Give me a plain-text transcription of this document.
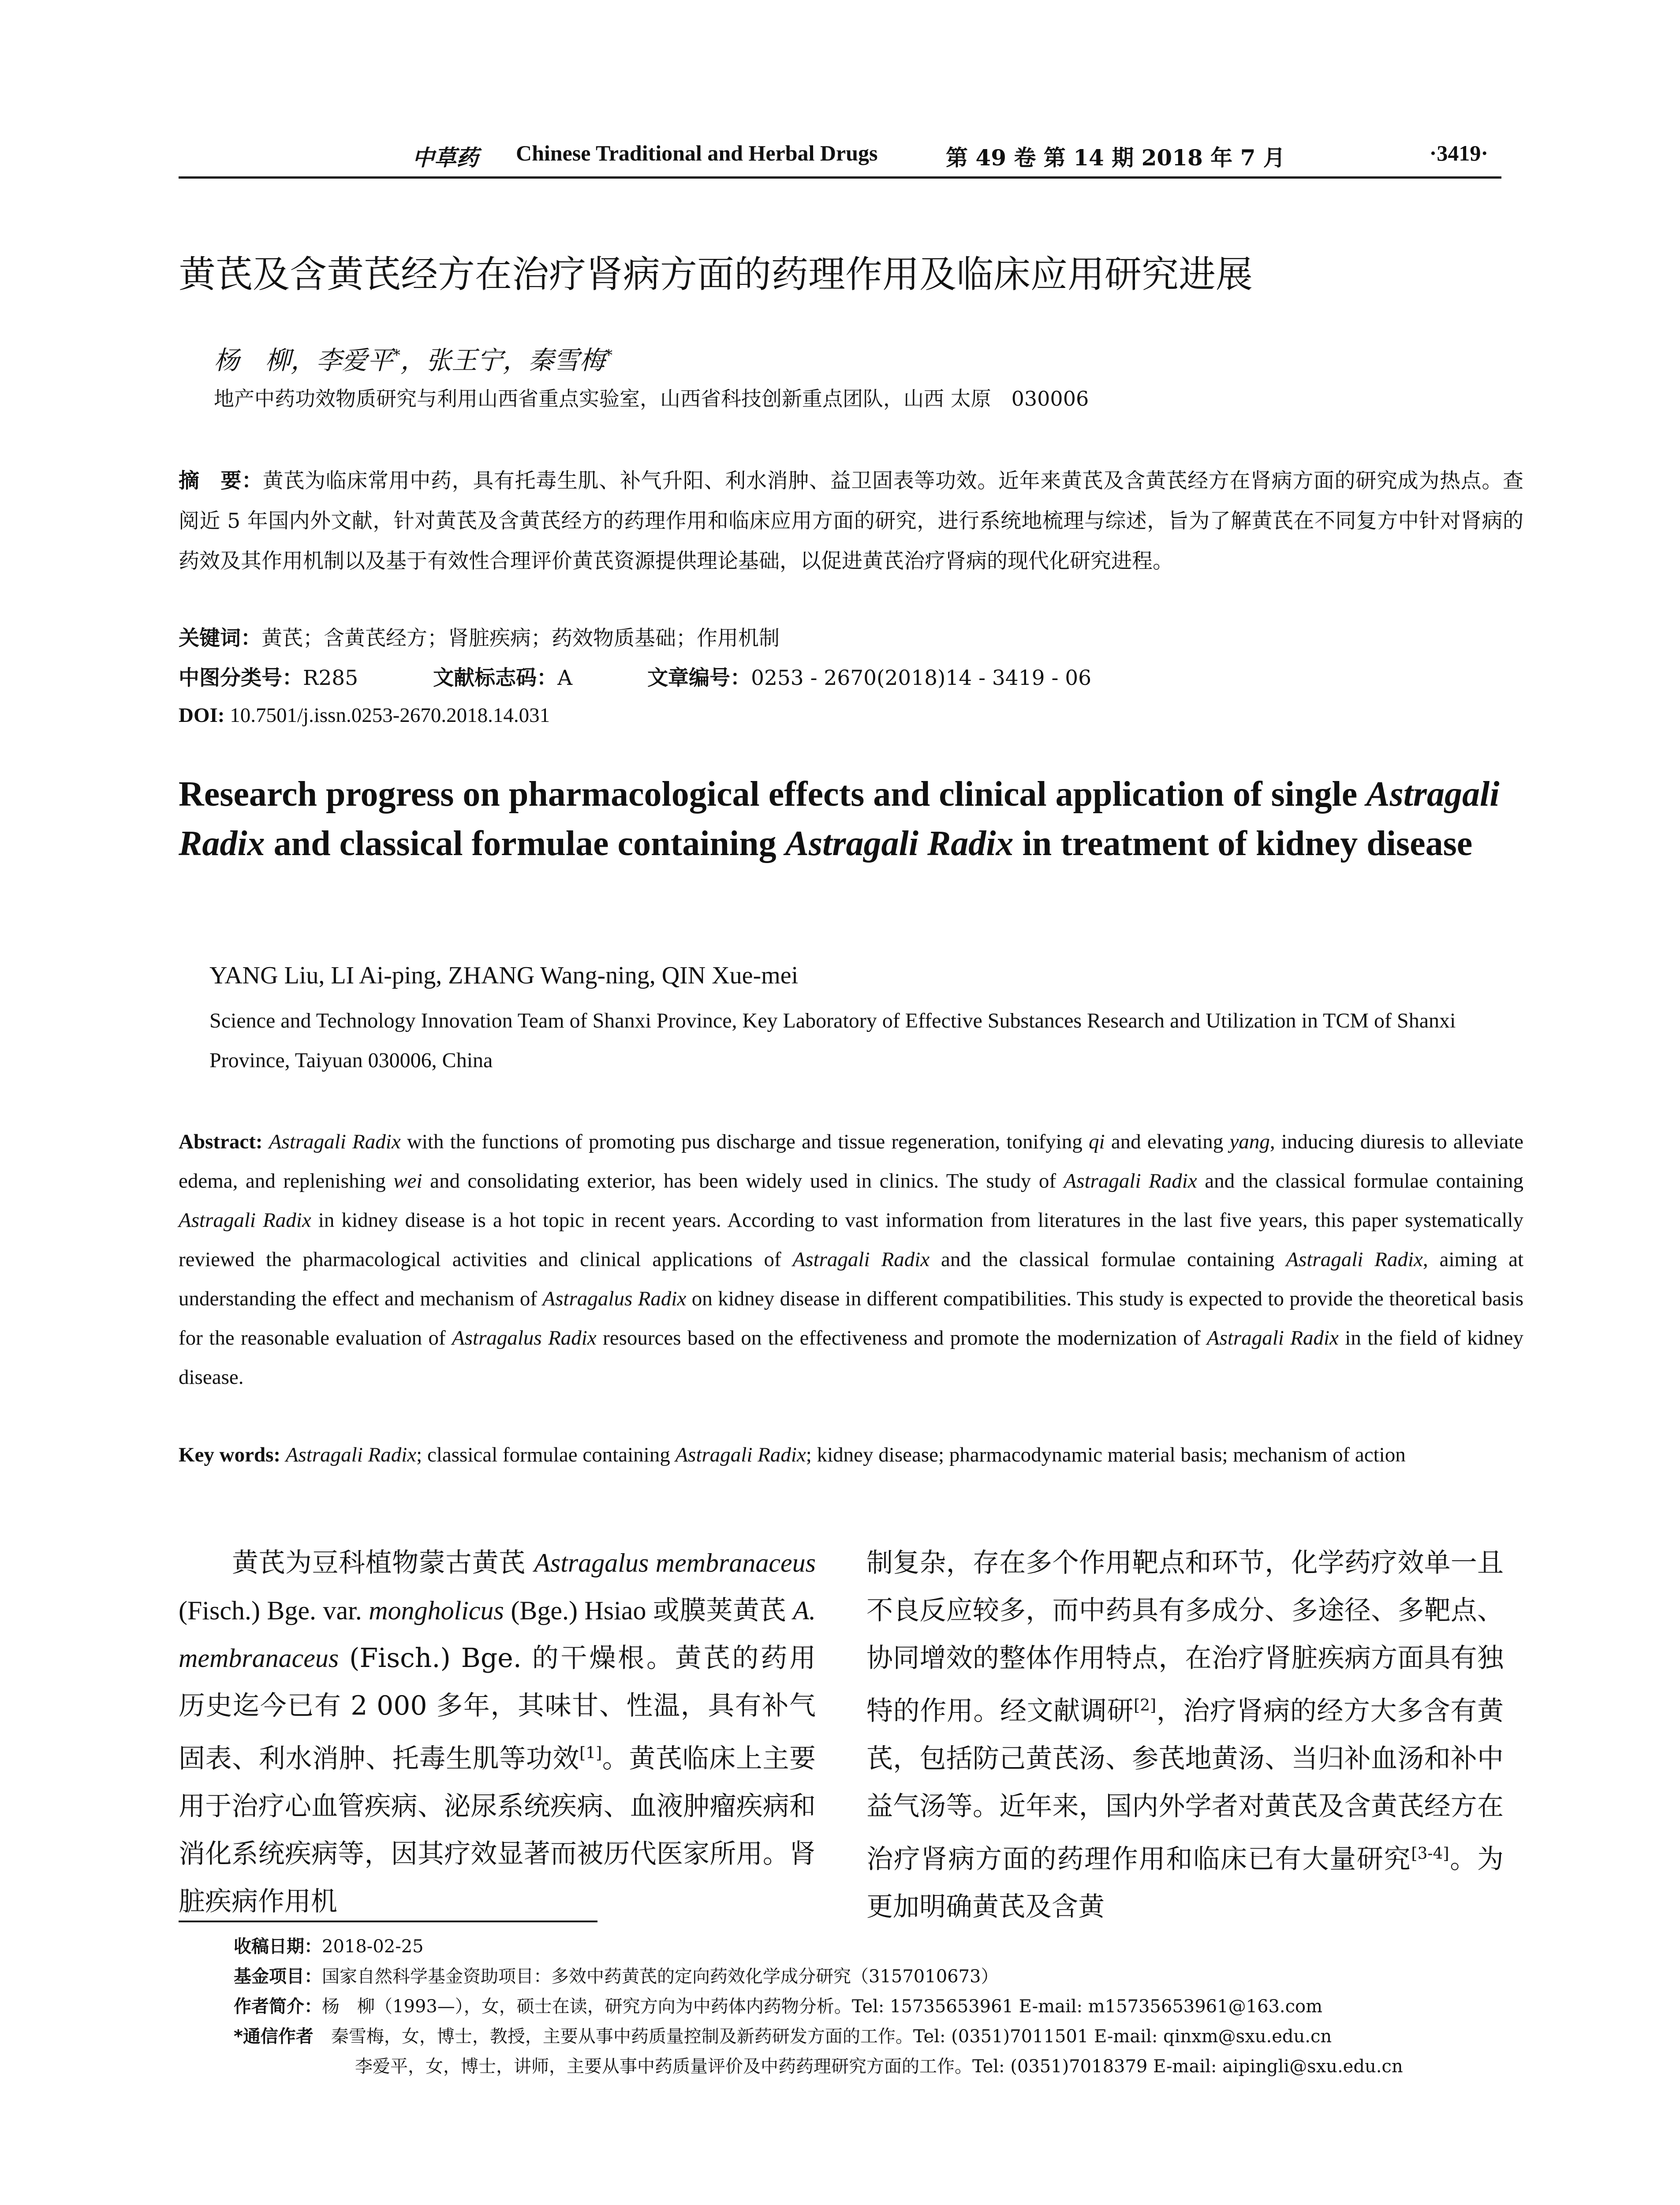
中草药 Chinese Traditional and Herbal Drugs	第 49 卷 第 14 期 2018 年 7 月	·3419·
黄芪及含黄芪经方在治疗肾病方面的药理作用及临床应用研究进展
杨　柳，李爱平*，张王宁，秦雪梅*
地产中药功效物质研究与利用山西省重点实验室，山西省科技创新重点团队，山西 太原　030006
摘　要：黄芪为临床常用中药，具有托毒生肌、补气升阳、利水消肿、益卫固表等功效。近年来黄芪及含黄芪经方在肾病方面的研究成为热点。查阅近 5 年国内外文献，针对黄芪及含黄芪经方的药理作用和临床应用方面的研究，进行系统地梳理与综述，旨为了解黄芪在不同复方中针对肾病的药效及其作用机制以及基于有效性合理评价黄芪资源提供理论基础，以促进黄芪治疗肾病的现代化研究进程。
关键词：黄芪；含黄芪经方；肾脏疾病；药效物质基础；作用机制
中图分类号：R285	文献标志码：A	文章编号：0253 - 2670(2018)14 - 3419 - 06
DOI: 10.7501/j.issn.0253-2670.2018.14.031
Research progress on pharmacological effects and clinical application of single Astragali Radix and classical formulae containing Astragali Radix in treatment of kidney disease
YANG Liu, LI Ai-ping, ZHANG Wang-ning, QIN Xue-mei
Science and Technology Innovation Team of Shanxi Province, Key Laboratory of Effective Substances Research and Utilization in TCM of Shanxi Province, Taiyuan 030006, China
Abstract: Astragali Radix with the functions of promoting pus discharge and tissue regeneration, tonifying qi and elevating yang, inducing diuresis to alleviate edema, and replenishing wei and consolidating exterior, has been widely used in clinics. The study of Astragali Radix and the classical formulae containing Astragali Radix in kidney disease is a hot topic in recent years. According to vast information from literatures in the last five years, this paper systematically reviewed the pharmacological activities and clinical applications of Astragali Radix and the classical formulae containing Astragali Radix, aiming at understanding the effect and mechanism of Astragalus Radix on kidney disease in different compatibilities. This study is expected to provide the theoretical basis for the reasonable evaluation of Astragalus Radix resources based on the effectiveness and promote the modernization of Astragali Radix in the field of kidney disease.
Key words: Astragali Radix; classical formulae containing Astragali Radix; kidney disease; pharmacodynamic material basis; mechanism of action
　　黄芪为豆科植物蒙古黄芪 Astragalus membranaceus (Fisch.) Bge. var. mongholicus (Bge.) Hsiao 或膜荚黄芪 A. membranaceus (Fisch.) Bge. 的干燥根。黄芪的药用历史迄今已有 2 000 多年，其味甘、性温，具有补气固表、利水消肿、托毒生肌等功效[1]。黄芪临床上主要用于治疗心血管疾病、泌尿系统疾病、血液肿瘤疾病和消化系统疾病等，因其疗效显著而被历代医家所用。肾脏疾病作用机
制复杂，存在多个作用靶点和环节，化学药疗效单一且不良反应较多，而中药具有多成分、多途径、多靶点、协同增效的整体作用特点，在治疗肾脏疾病方面具有独特的作用。经文献调研[2]，治疗肾病的经方大多含有黄芪，包括防己黄芪汤、参芪地黄汤、当归补血汤和补中益气汤等。近年来，国内外学者对黄芪及含黄芪经方在治疗肾病方面的药理作用和临床已有大量研究[3-4]。为更加明确黄芪及含黄
收稿日期：2018-02-25
基金项目：国家自然科学基金资助项目：多效中药黄芪的定向药效化学成分研究（3157010673）
作者简介：杨　柳（1993—），女，硕士在读，研究方向为中药体内药物分析。Tel: 15735653961 E-mail: m15735653961@163.com
*通信作者　 秦雪梅，女，博士，教授，主要从事中药质量控制及新药研发方面的工作。Tel: (0351)7011501 E-mail: qinxm@sxu.edu.cn
李爱平，女，博士，讲师，主要从事中药质量评价及中药药理研究方面的工作。Tel: (0351)7018379 E-mail: aipingli@sxu.edu.cn
